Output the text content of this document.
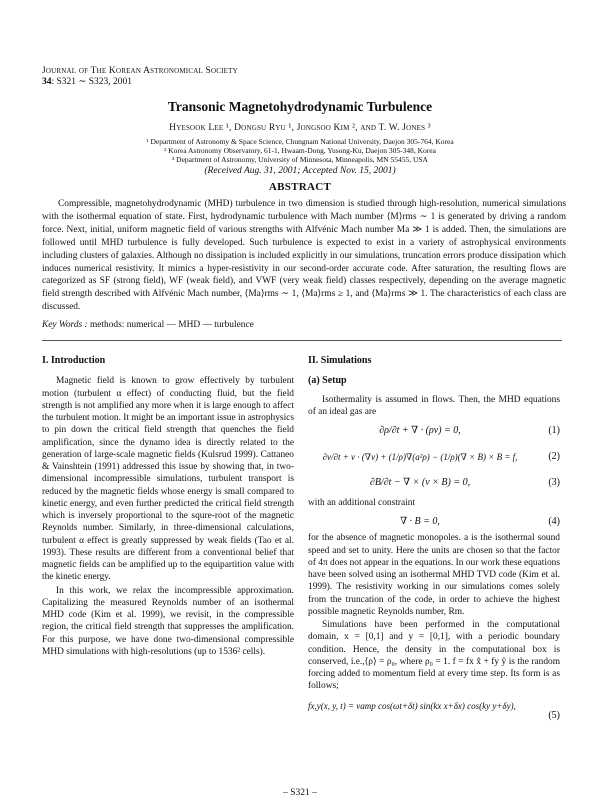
Journal of The Korean Astronomical Society
34: S321 ∼ S323, 2001
Transonic Magnetohydrodynamic Turbulence
Hyesook Lee ¹, Dongsu Ryu ¹, Jongsoo Kim ², and T. W. Jones ³
¹ Department of Astronomy & Space Science, Chungnam National University, Daejon 305-764, Korea
² Korea Astronomy Observatory, 61-1, Hwaam-Dong, Yusong-Ku, Daejon 305-348, Korea
³ Department of Astronomy, University of Minnesota, Minneapolis, MN 55455, USA
(Received Aug. 31, 2001; Accepted Nov. 15, 2001)
ABSTRACT
Compressible, magnetohydrodynamic (MHD) turbulence in two dimension is studied through high-resolution, numerical simulations with the isothermal equation of state. First, hydrodynamic turbulence with Mach number ⟨M⟩rms ∼ 1 is generated by driving a random force. Next, initial, uniform magnetic field of various strengths with Alfvénic Mach number Ma ≫ 1 is added. Then, the simulations are followed until MHD turbulence is fully developed. Such turbulence is expected to exist in a variety of astrophysical environments including clusters of galaxies. Although no dissipation is included explicitly in our simulations, truncation errors produce dissipation which induces numerical resistivity. It mimics a hyper-resistivity in our second-order accurate code. After saturation, the resulting flows are categorized as SF (strong field), WF (weak field), and VWF (very weak field) classes respectively, depending on the average magnetic field strength described with Alfvénic Mach number, ⟨Ma⟩rms ∼ 1, ⟨Ma⟩rms ≥ 1, and ⟨Ma⟩rms ≫ 1. The characteristics of each class are discussed.
Key Words : methods: numerical — MHD — turbulence
I. Introduction

Magnetic field is known to grow effectively by turbulent motion (turbulent α effect) of conducting fluid, but the field strength is not amplified any more when it is large enough to affect the turbulent motion. It might be an important issue in astrophysics to pin down the critical field strength that quenches the field amplification, since the dynamo idea is directly related to the generation of large-scale magnetic fields (Kulsrud 1999). Cattaneo & Vainshtein (1991) addressed this issue by showing that, in two-dimensional incompressible simulations, turbulent transport is reduced by the magnetic fields whose energy is small compared to kinetic energy, and even further predicted the critical field strength which is inversely proportional to the squre-root of the magnetic Reynolds number. Similarly, in three-dimensional calculations, turbulent α effect is greatly suppressed by weak fields (Tao et al. 1993). These results are different from a conventional belief that magnetic fields can be amplified up to the equipartition value with the kinetic energy.

In this work, we relax the incompressible approximation. Capitalizing the measured Reynolds number of an isothermal MHD code (Kim et al. 1999), we revisit, in the compressible region, the critical field strength that suppresses the amplification. For this purpose, we have done two-dimensional compressible MHD simulations with high-resolutions (up to 1536² cells).

II. Simulations
(a) Setup

Isothermality is assumed in flows. Then, the MHD equations of an ideal gas are

∂ρ/∂t + ∇ · (ρv) = 0,	(1)
∂v/∂t + v · (∇v) + (1/ρ)∇(a²ρ) − (1/ρ)(∇ × B) × B = f,	(2)
∂B/∂t − ∇ × (v × B) = 0,	(3)

with an additional constraint

∇ · B = 0,	(4)

for the absence of magnetic monopoles. a is the isothermal sound speed and set to unity. Here the units are chosen so that the factor of 4π does not appear in the equations. In our work these equations have been solved using an isothermal MHD TVD code (Kim et al. 1999). The resistivity working in our simulations comes solely from the truncation of the code, in order to achieve the highest possible magnetic Reynolds number, Rm.

Simulations have been performed in the computational domain, x = [0,1] and y = [0,1], with a periodic boundary condition. Hence, the density in the computational box is conserved, i.e.,⟨ρ⟩ = ρ₀, where ρ₀ = 1. f = fx x̂ + fy ŷ is the random forcing added to momentum field at every time step. Its form is as follows;

fx,y(x, y, t) = vamp cos(ωt+δt) sin(kx x+δx) cos(ky y+δy),
(5)
– S321 –
